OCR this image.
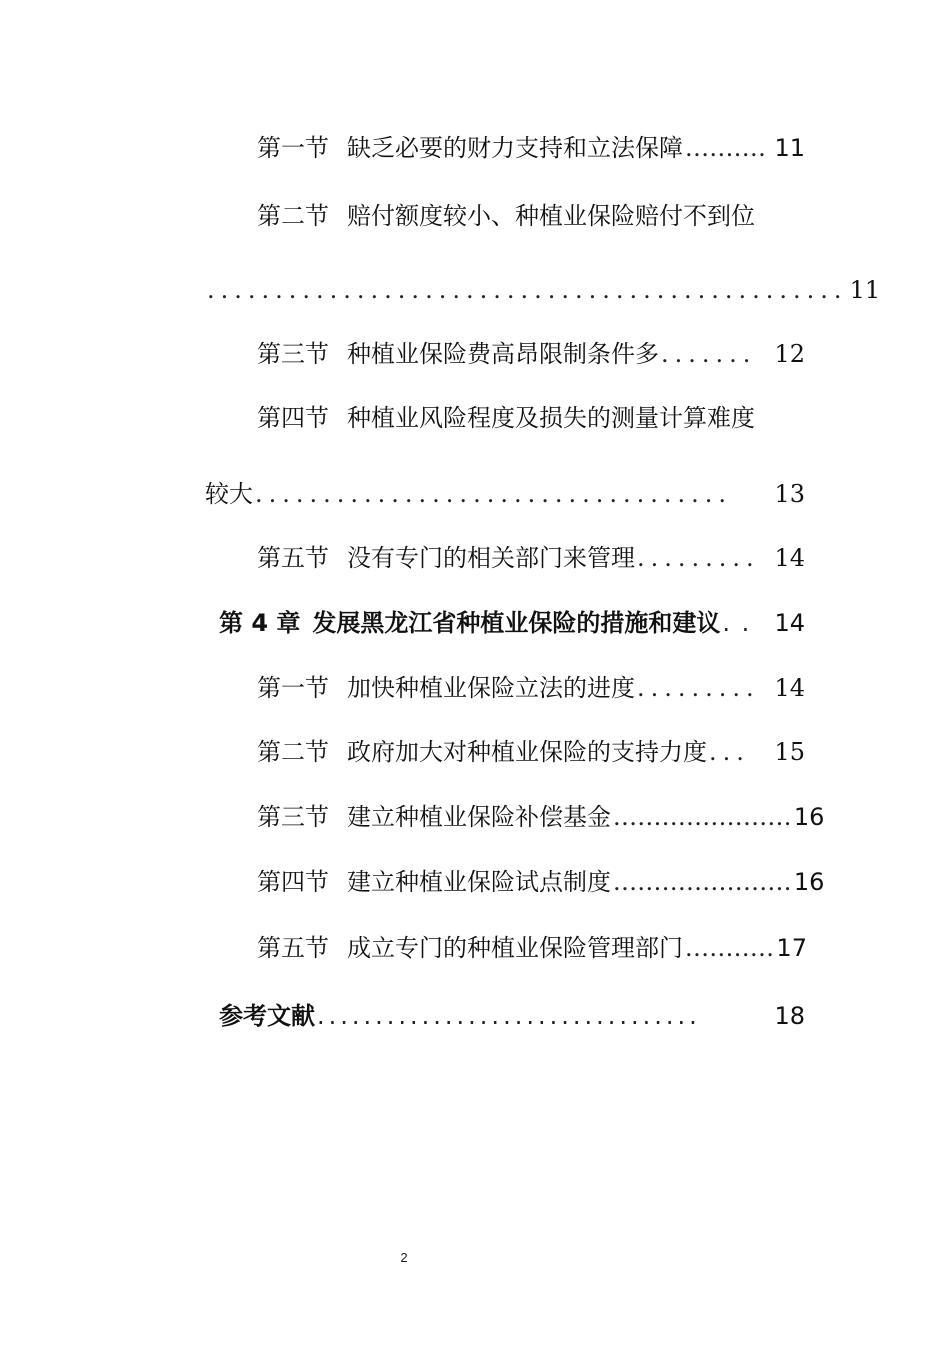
第一节 缺乏必要的财力支持和立法保障 .......... 11
第二节 赔付额度较小、种植业保险赔付不到位
............................................... 11
第三节 种植业保险费高昂限制条件多 ....... 12
第四节 种植业风险程度及损失的测量计算难度
较大 ...................................	13
第五节 没有专门的相关部门来管理 ......... 14
第 4 章 发展黑龙江省种植业保险的措施和建议 . . 14
第一节 加快种植业保险立法的进度 ......... 14
第二节 政府加大对种植业保险的支持力度 ...	15
第三节 建立种植业保险补偿基金 ...................... 16
第四节 建立种植业保险试点制度 ...................... 16
第五节 成立专门的种植业保险管理部门 ........... 17
参考文献 .................................	18
2
